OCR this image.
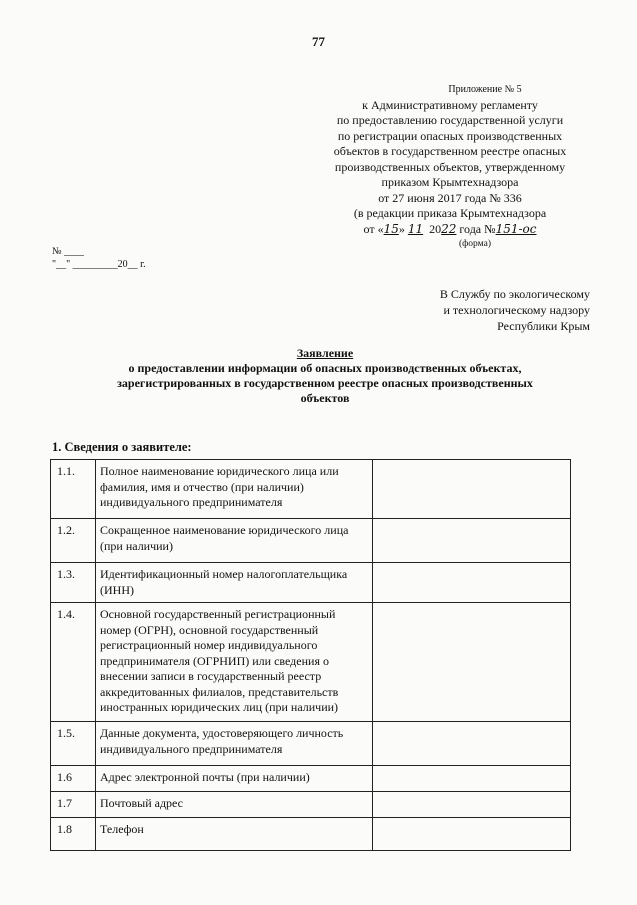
77
Приложение № 5
к Административному регламенту
по предоставлению государственной услуги
по регистрации опасных производственных
объектов в государственном реестре опасных
производственных объектов, утвержденному
приказом Крымтехнадзора
от 27 июня 2017 года № 336
(в редакции приказа Крымтехнадзора
от «15» 11 2022 года №151-ос
(форма)
№ ____
"__" _________20__ г.
В Службу по экологическому
и технологическому надзору
Республики Крым
Заявление
о предоставлении информации об опасных производственных объектах,
зарегистрированных в государственном реестре опасных производственных
объектов
1. Сведения о заявителе:
1.1.	Полное наименование юридического лица или фамилия, имя и отчество (при наличии) индивидуального предпринимателя	
1.2.	Сокращенное наименование юридического лица (при наличии)	
1.3.	Идентификационный номер налогоплательщика (ИНН)	
1.4.	Основной государственный регистрационный номер (ОГРН), основной государственный регистрационный номер индивидуального предпринимателя (ОГРНИП) или сведения о внесении записи в государственный реестр аккредитованных филиалов, представительств иностранных юридических лиц (при наличии)	
1.5.	Данные документа, удостоверяющего личность индивидуального предпринимателя	
1.6	Адрес электронной почты (при наличии)	
1.7	Почтовый адрес	
1.8	Телефон	
